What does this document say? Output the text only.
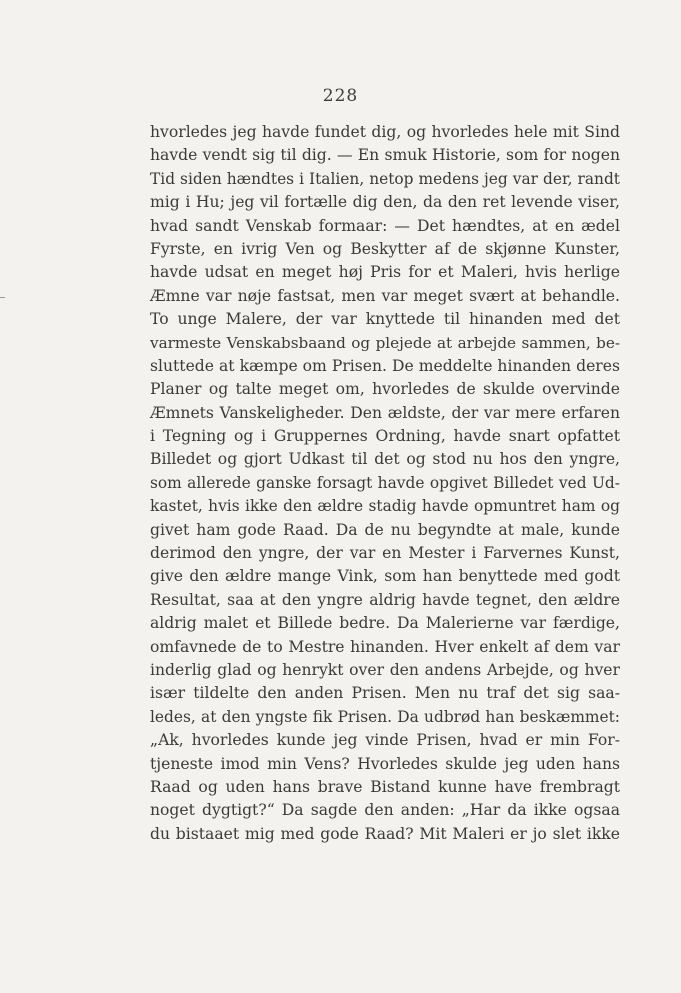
228
hvorledes jeg havde fundet dig, og hvorledes hele mit Sind
havde vendt sig til dig. — En smuk Historie, som for nogen
Tid siden hændtes i Italien, netop medens jeg var der, randt
mig i Hu; jeg vil fortælle dig den, da den ret levende viser,
hvad sandt Venskab formaar: — Det hændtes, at en ædel
Fyrste, en ivrig Ven og Beskytter af de skjønne Kunster,
havde udsat en meget høj Pris for et Maleri, hvis herlige
Æmne var nøje fastsat, men var meget svært at behandle.
To unge Malere, der var knyttede til hinanden med det
varmeste Venskabsbaand og plejede at arbejde sammen, be-
sluttede at kæmpe om Prisen. De meddelte hinanden deres
Planer og talte meget om, hvorledes de skulde overvinde
Æmnets Vanskeligheder. Den ældste, der var mere erfaren
i Tegning og i Gruppernes Ordning, havde snart opfattet
Billedet og gjort Udkast til det og stod nu hos den yngre,
som allerede ganske forsagt havde opgivet Billedet ved Ud-
kastet, hvis ikke den ældre stadig havde opmuntret ham og
givet ham gode Raad. Da de nu begyndte at male, kunde
derimod den yngre, der var en Mester i Farvernes Kunst,
give den ældre mange Vink, som han benyttede med godt
Resultat, saa at den yngre aldrig havde tegnet, den ældre
aldrig malet et Billede bedre. Da Malerierne var færdige,
omfavnede de to Mestre hinanden. Hver enkelt af dem var
inderlig glad og henrykt over den andens Arbejde, og hver
især tildelte den anden Prisen. Men nu traf det sig saa-
ledes, at den yngste fik Prisen. Da udbrød han beskæmmet:
„Ak, hvorledes kunde jeg vinde Prisen, hvad er min For-
tjeneste imod min Vens? Hvorledes skulde jeg uden hans
Raad og uden hans brave Bistand kunne have frembragt
noget dygtigt?“ Da sagde den anden: „Har da ikke ogsaa
du bistaaet mig med gode Raad? Mit Maleri er jo slet ikke
